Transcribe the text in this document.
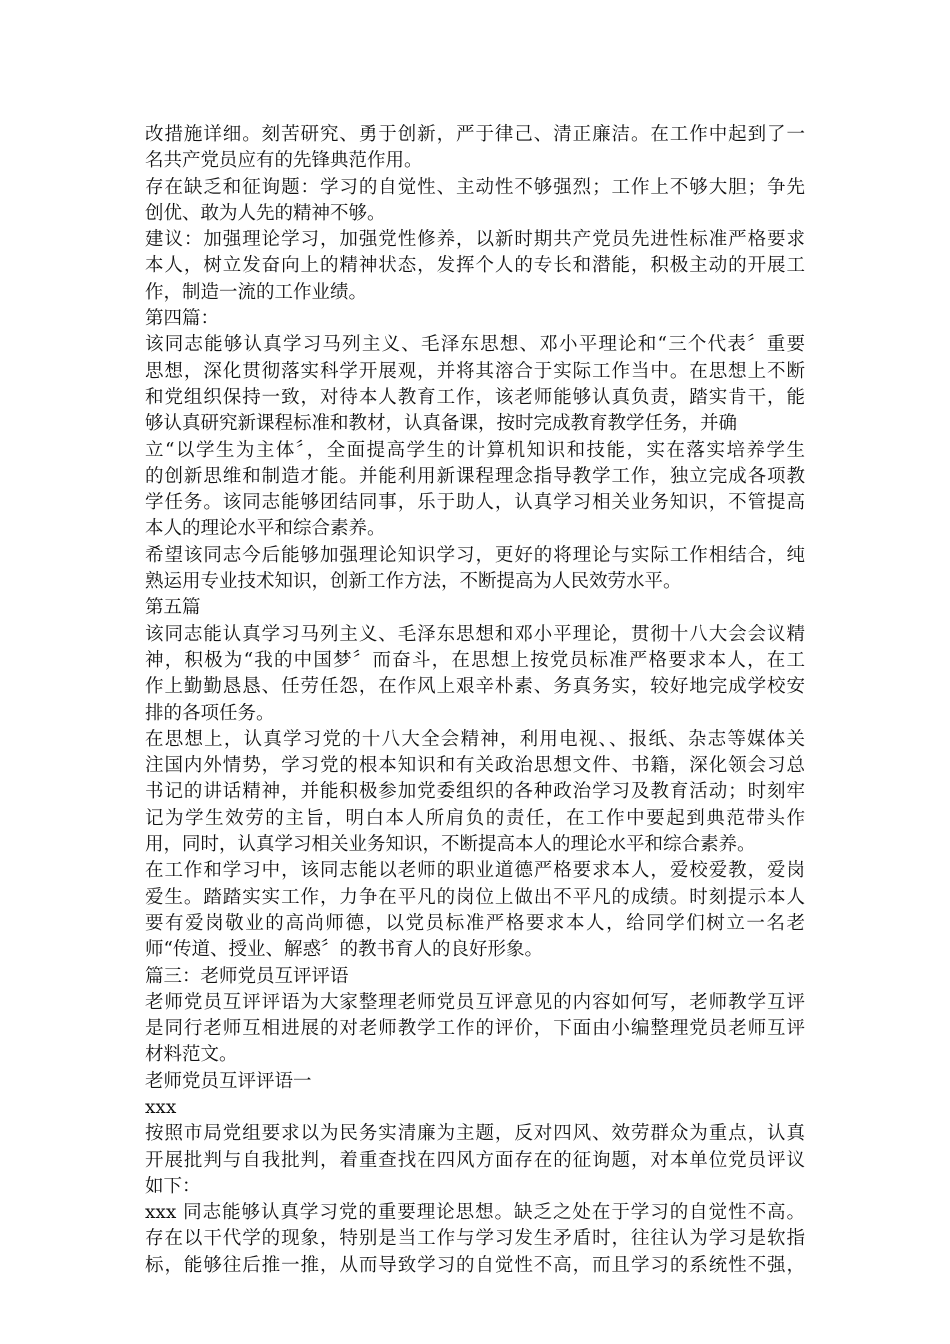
改措施详细。刻苦研究、勇于创新，严于律己、清正廉洁。在工作中起到了一
名共产党员应有的先锋典范作用。
存在缺乏和征询题：学习的自觉性、主动性不够强烈；工作上不够大胆；争先
创优、敢为人先的精神不够。
建议：加强理论学习，加强党性修养，以新时期共产党员先进性标准严格要求
本人，树立发奋向上的精神状态，发挥个人的专长和潜能，积极主动的开展工
作，制造一流的工作业绩。
第四篇：
该同志能够认真学习马列主义、毛泽东思想、邓小平理论和“三个代表〞重要
思想，深化贯彻落实科学开展观，并将其溶合于实际工作当中。在思想上不断
和党组织保持一致，对待本人教育工作，该老师能够认真负责，踏实肯干，能
够认真研究新课程标准和教材，认真备课，按时完成教育教学任务，并确
立“以学生为主体〞，全面提高学生的计算机知识和技能，实在落实培养学生
的创新思维和制造才能。并能利用新课程理念指导教学工作，独立完成各项教
学任务。该同志能够团结同事，乐于助人，认真学习相关业务知识，不管提高
本人的理论水平和综合素养。
希望该同志今后能够加强理论知识学习，更好的将理论与实际工作相结合，纯
熟运用专业技术知识，创新工作方法，不断提高为人民效劳水平。
第五篇
该同志能认真学习马列主义、毛泽东思想和邓小平理论，贯彻十八大会会议精
神，积极为“我的中国梦〞而奋斗，在思想上按党员标准严格要求本人，在工
作上勤勤恳恳、任劳任怨，在作风上艰辛朴素、务真务实，较好地完成学校安
排的各项任务。
在思想上，认真学习党的十八大全会精神，利用电视、、报纸、杂志等媒体关
注国内外情势，学习党的根本知识和有关政治思想文件、书籍，深化领会习总
书记的讲话精神，并能积极参加党委组织的各种政治学习及教育活动；时刻牢
记为学生效劳的主旨，明白本人所肩负的责任，在工作中要起到典范带头作
用，同时，认真学习相关业务知识，不断提高本人的理论水平和综合素养。
在工作和学习中，该同志能以老师的职业道德严格要求本人，爱校爱教，爱岗
爱生。踏踏实实工作，力争在平凡的岗位上做出不平凡的成绩。时刻提示本人
要有爱岗敬业的高尚师德，以党员标准严格要求本人，给同学们树立一名老
师“传道、授业、解惑〞的教书育人的良好形象。
篇三：老师党员互评评语
老师党员互评评语为大家整理老师党员互评意见的内容如何写，老师教学互评
是同行老师互相进展的对老师教学工作的评价，下面由小编整理党员老师互评
材料范文。
老师党员互评评语一
xxx
按照市局党组要求以为民务实清廉为主题，反对四风、效劳群众为重点，认真
开展批判与自我批判，着重查找在四风方面存在的征询题，对本单位党员评议
如下：
xxx 同志能够认真学习党的重要理论思想。缺乏之处在于学习的自觉性不高。
存在以干代学的现象，特别是当工作与学习发生矛盾时，往往认为学习是软指
标，能够往后推一推，从而导致学习的自觉性不高，而且学习的系统性不强，
